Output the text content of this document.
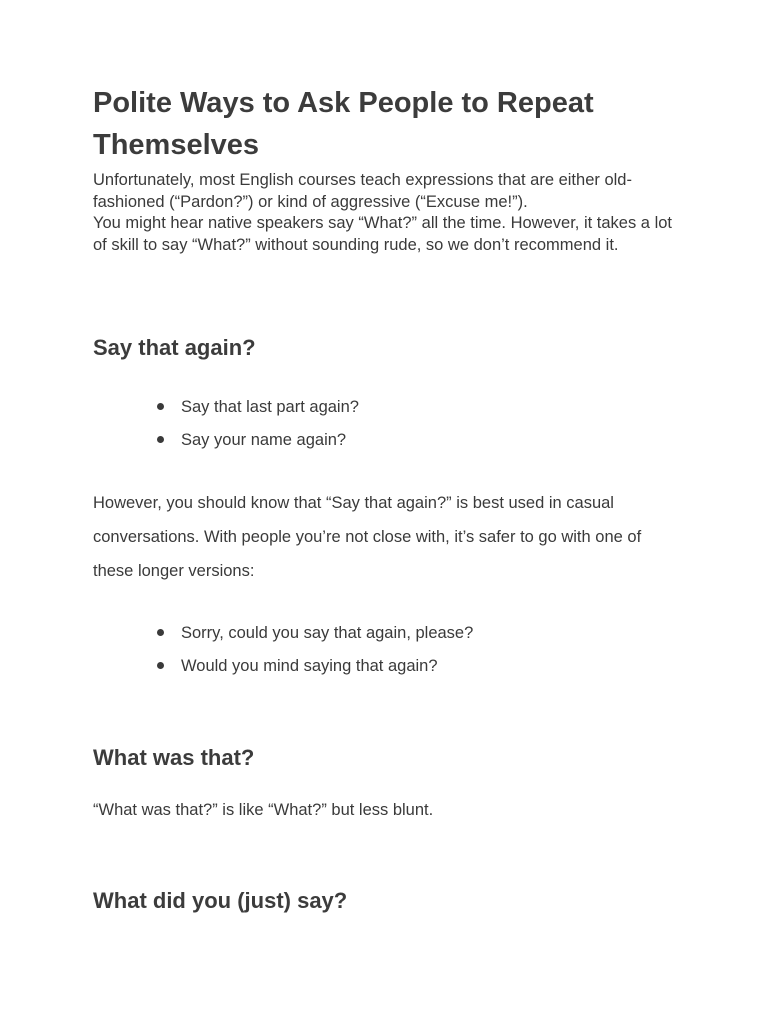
Polite Ways to Ask People to Repeat Themselves

Unfortunately, most English courses teach expressions that are either old-fashioned (“Pardon?”) or kind of aggressive (“Excuse me!”).

You might hear native speakers say “What?” all the time. However, it takes a lot of skill to say “What?” without sounding rude, so we don’t recommend it.

Say that again?
Say that last part again?
Say your name again?

However, you should know that “Say that again?” is best used in casual conversations. With people you’re not close with, it’s safer to go with one of these longer versions:

Sorry, could you say that again, please?
Would you mind saying that again?
What was that?

“What was that?” is like “What?” but less blunt.

What did you (just) say?
